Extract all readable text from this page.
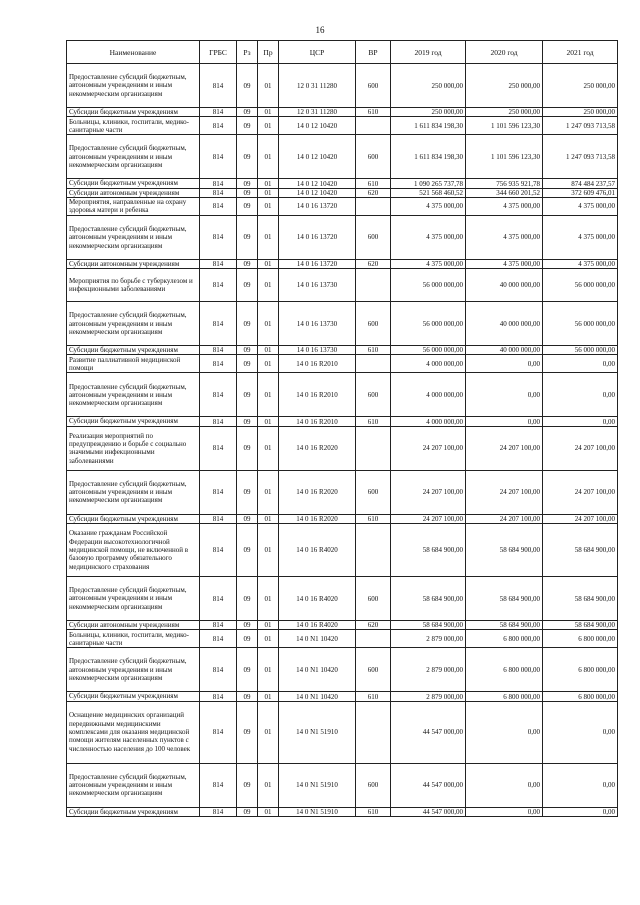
16
Наименование	ГРБС	Рз	Пр	ЦСР	ВР	2019 год	2020 год	2021 год
Предоставление субсидий бюджетным, автономным учреждениям и иным некоммерческим организациям	814	09	01	12 0 31 11280	600	250 000,00	250 000,00	250 000,00
Субсидии бюджетным учреждениям	814	09	01	12 0 31 11280	610	250 000,00	250 000,00	250 000,00
Больницы, клиники, госпитали, медико-санитарные части	814	09	01	14 0 12 10420		1 611 834 198,30	1 101 596 123,30	1 247 093 713,58
Предоставление субсидий бюджетным, автономным учреждениям и иным некоммерческим организациям	814	09	01	14 0 12 10420	600	1 611 834 198,30	1 101 596 123,30	1 247 093 713,58
Субсидии бюджетным учреждениям	814	09	01	14 0 12 10420	610	1 090 265 737,78	756 935 921,78	874 484 237,57
Субсидии автономным учреждениям	814	09	01	14 0 12 10420	620	521 568 460,52	344 660 201,52	372 609 476,01
Мероприятия, направленные на охрану здоровья матери и ребенка	814	09	01	14 0 16 13720		4 375 000,00	4 375 000,00	4 375 000,00
Предоставление субсидий бюджетным, автономным учреждениям и иным некоммерческим организациям	814	09	01	14 0 16 13720	600	4 375 000,00	4 375 000,00	4 375 000,00
Субсидии автономным учреждениям	814	09	01	14 0 16 13720	620	4 375 000,00	4 375 000,00	4 375 000,00
Мероприятия по борьбе с туберкулезом и инфекционными заболеваниями	814	09	01	14 0 16 13730		56 000 000,00	40 000 000,00	56 000 000,00
Предоставление субсидий бюджетным, автономным учреждениям и иным некоммерческим организациям	814	09	01	14 0 16 13730	600	56 000 000,00	40 000 000,00	56 000 000,00
Субсидии бюджетным учреждениям	814	09	01	14 0 16 13730	610	56 000 000,00	40 000 000,00	56 000 000,00
Развитие паллиативной медицинской помощи	814	09	01	14 0 16 R2010		4 000 000,00	0,00	0,00
Предоставление субсидий бюджетным, автономным учреждениям и иным некоммерческим организациям	814	09	01	14 0 16 R2010	600	4 000 000,00	0,00	0,00
Субсидии бюджетным учреждениям	814	09	01	14 0 16 R2010	610	4 000 000,00	0,00	0,00
Реализация мероприятий по предупреждению и борьбе с социально значимыми инфекционными заболеваниями	814	09	01	14 0 16 R2020		24 207 100,00	24 207 100,00	24 207 100,00
Предоставление субсидий бюджетным, автономным учреждениям и иным некоммерческим организациям	814	09	01	14 0 16 R2020	600	24 207 100,00	24 207 100,00	24 207 100,00
Субсидии бюджетным учреждениям	814	09	01	14 0 16 R2020	610	24 207 100,00	24 207 100,00	24 207 100,00
Оказание гражданам Российской Федерации высокотехнологичной медицинской помощи, не включенной в базовую программу обязательного медицинского страхования	814	09	01	14 0 16 R4020		58 684 900,00	58 684 900,00	58 684 900,00
Предоставление субсидий бюджетным, автономным учреждениям и иным некоммерческим организациям	814	09	01	14 0 16 R4020	600	58 684 900,00	58 684 900,00	58 684 900,00
Субсидии автономным учреждениям	814	09	01	14 0 16 R4020	620	58 684 900,00	58 684 900,00	58 684 900,00
Больницы, клиники, госпитали, медико-санитарные части	814	09	01	14 0 N1 10420		2 879 000,00	6 800 000,00	6 800 000,00
Предоставление субсидий бюджетным, автономным учреждениям и иным некоммерческим организациям	814	09	01	14 0 N1 10420	600	2 879 000,00	6 800 000,00	6 800 000,00
Субсидии бюджетным учреждениям	814	09	01	14 0 N1 10420	610	2 879 000,00	6 800 000,00	6 800 000,00
Оснащение медицинских организаций передвижными медицинскими комплексами для оказания медицинской помощи жителям населенных пунктов с численностью населения до 100 человек	814	09	01	14 0 N1 51910		44 547 000,00	0,00	0,00
Предоставление субсидий бюджетным, автономным учреждениям и иным некоммерческим организациям	814	09	01	14 0 N1 51910	600	44 547 000,00	0,00	0,00
Субсидии бюджетным учреждениям	814	09	01	14 0 N1 51910	610	44 547 000,00	0,00	0,00
